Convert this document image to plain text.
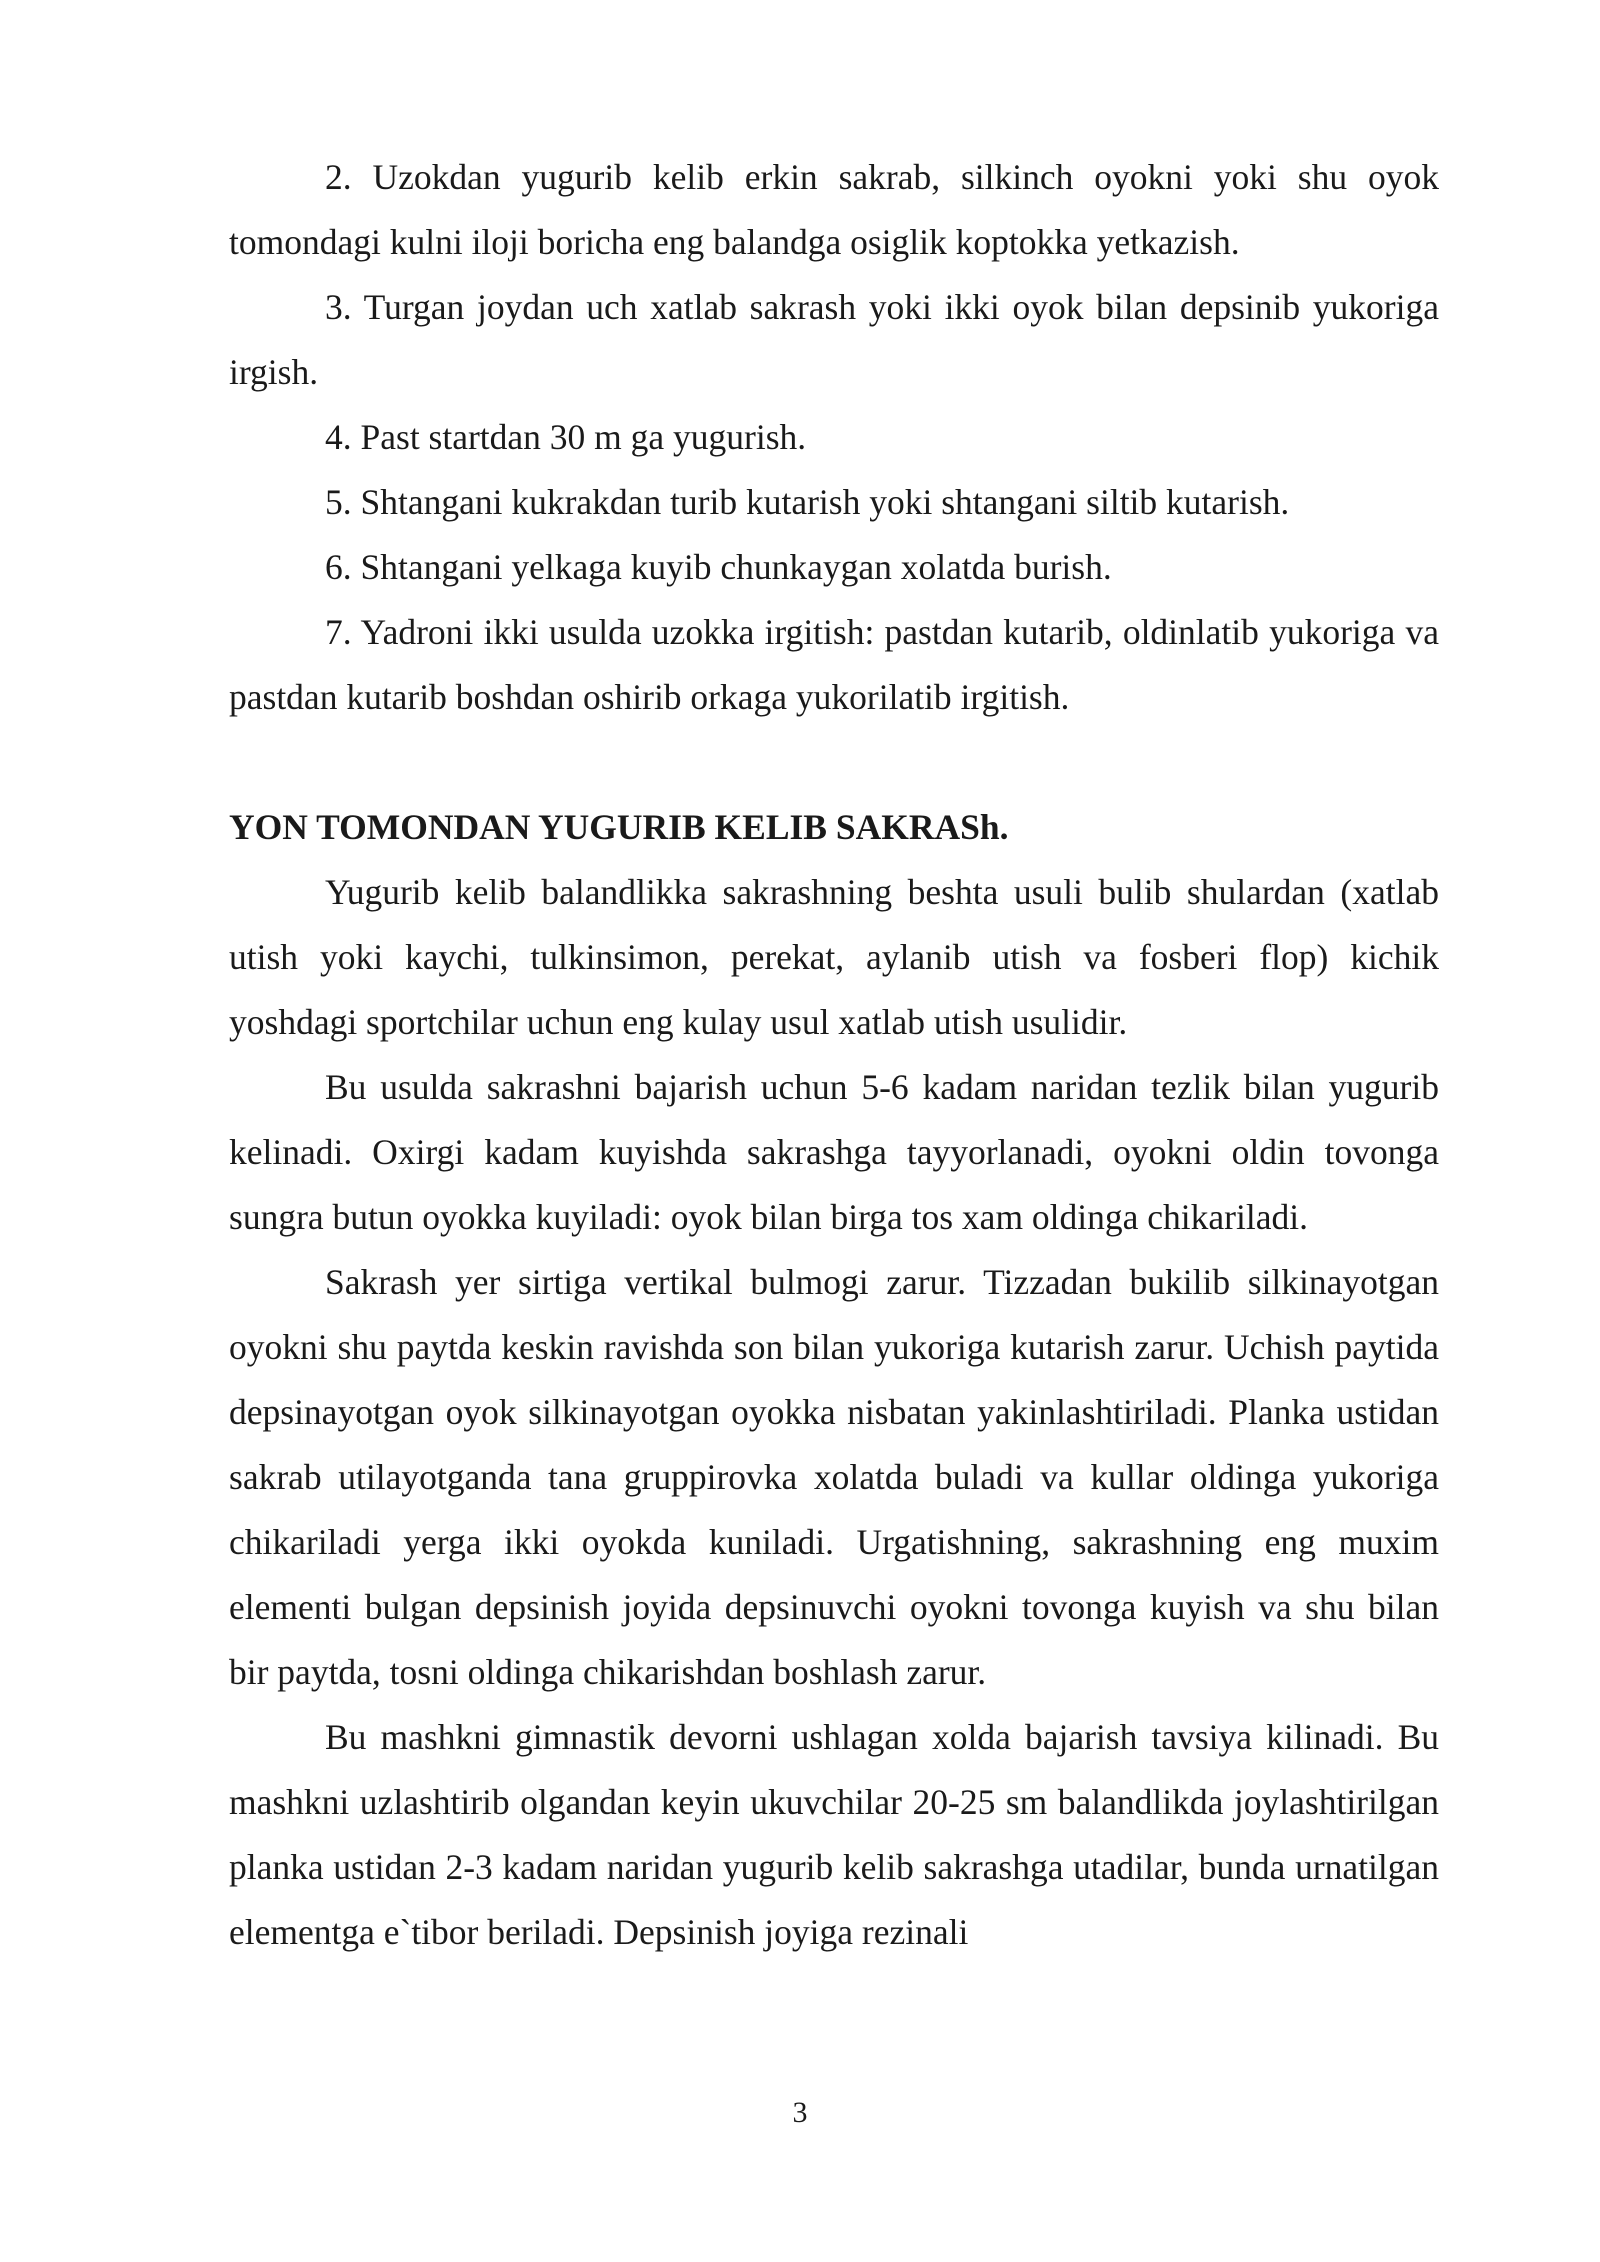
2. Uzokdan yugurib kelib erkin sakrab, silkinch oyokni yoki shu oyok tomondagi kulni iloji boricha eng balandga osiglik koptokka yetkazish.

3. Turgan joydan uch xatlab sakrash yoki ikki oyok bilan depsinib yukoriga irgish.

4. Past startdan 30 m ga yugurish.

5. Shtangani kukrakdan turib kutarish yoki shtangani siltib kutarish.

6. Shtangani yelkaga kuyib chunkaygan xolatda burish.

7. Yadroni ikki usulda uzokka irgitish: pastdan kutarib, oldinlatib yukoriga va pastdan kutarib boshdan oshirib orkaga yukorilatib irgitish.

YON TOMONDAN YUGURIB KELIB SAKRASh.

Yugurib kelib balandlikka sakrashning beshta usuli bulib shulardan (xatlab utish yoki kaychi, tulkinsimon, perekat, aylanib utish va fosberi flop) kichik yoshdagi sportchilar uchun eng kulay usul xatlab utish usulidir.

Bu usulda sakrashni bajarish uchun 5-6 kadam naridan tezlik bilan yugurib kelinadi. Oxirgi kadam kuyishda sakrashga tayyorlanadi, oyokni oldin tovonga sungra butun oyokka kuyiladi: oyok bilan birga tos xam oldinga chikariladi.

Sakrash yer sirtiga vertikal bulmogi zarur. Tizzadan bukilib silkinayotgan oyokni shu paytda keskin ravishda son bilan yukoriga kutarish zarur. Uchish paytida depsinayotgan oyok silkinayotgan oyokka nisbatan yakinlashtiriladi. Planka ustidan sakrab utilayotganda tana gruppirovka xolatda buladi va kullar oldinga yukoriga chikariladi yerga ikki oyokda kuniladi. Urgatishning, sakrashning eng muxim elementi bulgan depsinish joyida depsinuvchi oyokni tovonga kuyish va shu bilan bir paytda, tosni oldinga chikarishdan boshlash zarur.

Bu mashkni gimnastik devorni ushlagan xolda bajarish tavsiya kilinadi. Bu mashkni uzlashtirib olgandan keyin ukuvchilar 20-25 sm balandlikda joylashtirilgan planka ustidan 2-3 kadam naridan yugurib kelib sakrashga utadilar, bunda urnatilgan elementga e`tibor beriladi. Depsinish joyiga rezinali

3
